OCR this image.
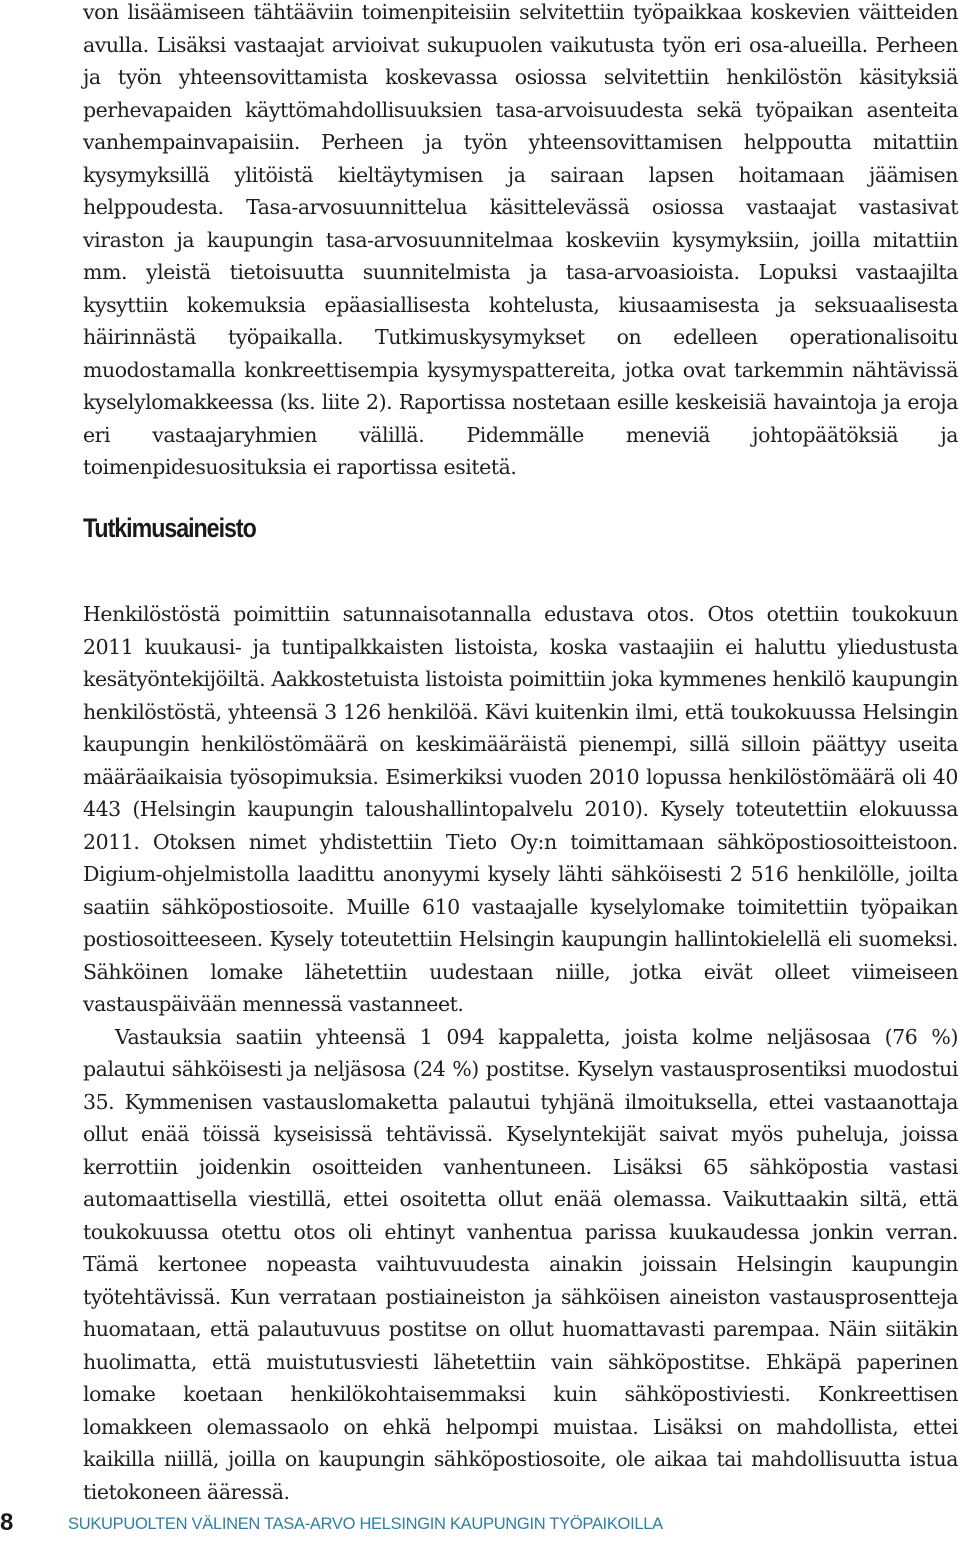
von lisäämiseen tähtääviin toimenpiteisiin selvitettiin työpaikkaa koskevien väitteiden avulla. Lisäksi vastaajat arvioivat sukupuolen vaikutusta työn eri osa-alueilla. Perheen ja työn yhteensovittamista koskevassa osiossa selvitettiin henkilöstön käsityksiä perhevapaiden käyttömahdollisuuksien tasa-arvoisuudesta sekä työpaikan asenteita vanhempainvapaisiin. Perheen ja työn yhteensovittamisen helppoutta mitattiin kysymyksillä ylitöistä kieltäytymisen ja sairaan lapsen hoitamaan jäämisen helppoudesta. Tasa-arvosuunnittelua käsittelevässä osiossa vastaajat vastasivat viraston ja kaupungin tasa-arvosuunnitelmaa koskeviin kysymyksiin, joilla mitattiin mm. yleistä tietoisuutta suunnitelmista ja tasa-arvoasioista. Lopuksi vastaajilta kysyttiin kokemuksia epäasiallisesta kohtelusta, kiusaamisesta ja seksuaalisesta häirinnästä työpaikalla. Tutkimuskysymykset on edelleen operationalisoitu muodostamalla konkreettisempia kysymyspattereita, jotka ovat tarkemmin nähtävissä kyselylomakkeessa (ks. liite 2). Raportissa nostetaan esille keskeisiä havaintoja ja eroja eri vastaajaryhmien välillä. Pidemmälle meneviä johtopäätöksiä ja toimenpidesuosituksia ei raportissa esitetä.

Tutkimusaineisto

Henkilöstöstä poimittiin satunnaisotannalla edustava otos. Otos otettiin toukokuun 2011 kuukausi- ja tuntipalkkaisten listoista, koska vastaajiin ei haluttu yliedustusta kesätyöntekijöiltä. Aakkostetuista listoista poimittiin joka kymmenes henkilö kaupungin henkilöstöstä, yhteensä 3 126 henkilöä. Kävi kuitenkin ilmi, että toukokuussa Helsingin kaupungin henkilöstömäärä on keskimääräistä pienempi, sillä silloin päättyy useita määräaikaisia työsopimuksia. Esimerkiksi vuoden 2010 lopussa henkilöstömäärä oli 40 443 (Helsingin kaupungin taloushallintopalvelu 2010). Kysely toteutettiin elokuussa 2011. Otoksen nimet yhdistettiin Tieto Oy:n toimittamaan sähköpostiosoitteistoon. Digium-ohjelmistolla laadittu anonyymi kysely lähti sähköisesti 2 516 henkilölle, joilta saatiin sähköpostiosoite. Muille 610 vastaajalle kyselylomake toimitettiin työpaikan postiosoitteeseen. Kysely toteutettiin Helsingin kaupungin hallintokielellä eli suomeksi. Sähköinen lomake lähetettiin uudestaan niille, jotka eivät olleet viimeiseen vastauspäivään mennessä vastanneet.

Vastauksia saatiin yhteensä 1 094 kappaletta, joista kolme neljäsosaa (76 %) palautui sähköisesti ja neljäsosa (24 %) postitse. Kyselyn vastausprosentiksi muodostui 35. Kymmenisen vastauslomaketta palautui tyhjänä ilmoituksella, ettei vastaanottaja ollut enää töissä kyseisissä tehtävissä. Kyselyntekijät saivat myös puheluja, joissa kerrottiin joidenkin osoitteiden vanhentuneen. Lisäksi 65 sähköpostia vastasi automaattisella viestillä, ettei osoitetta ollut enää olemassa. Vaikuttaakin siltä, että toukokuussa otettu otos oli ehtinyt vanhentua parissa kuukaudessa jonkin verran. Tämä kertonee nopeasta vaihtuvuudesta ainakin joissain Helsingin kaupungin työtehtävissä. Kun verrataan postiaineiston ja sähköisen aineiston vastausprosentteja huomataan, että palautuvuus postitse on ollut huomattavasti parempaa. Näin siitäkin huolimatta, että muistutusviesti lähetettiin vain sähköpostitse. Ehkäpä paperinen lomake koetaan henkilökohtaisemmaksi kuin sähköpostiviesti. Konkreettisen lomakkeen olemassaolo on ehkä helpompi muistaa. Lisäksi on mahdollista, ettei kaikilla niillä, joilla on kaupungin sähköpostiosoite, ole aikaa tai mahdollisuutta istua tietokoneen ääressä.

8	SUKUPUOLTEN VÄLINEN TASA-ARVO HELSINGIN KAUPUNGIN TYÖPAIKOILLA
